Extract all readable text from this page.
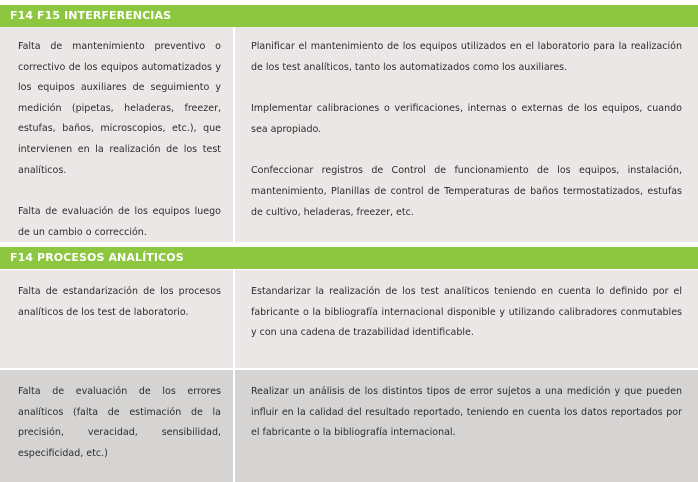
F14 F15 INTERFERENCIAS

Falta de mantenimiento preventivo o correctivo de los equipos automatizados y los equipos auxiliares de seguimiento y medición (pipetas, heladeras, freezer, estufas, baños, microscopios, etc.), que intervienen en la realización de los test analíticos.

Falta de evaluación de los equipos luego de un cambio o corrección.

Planificar el mantenimiento de los equipos utilizados en el laboratorio para la realización de los test analíticos, tanto los automatizados como los auxiliares.

Implementar calibraciones o verificaciones, internas o externas de los equipos, cuando sea apropiado.

Confeccionar registros de Control de funcionamiento de los equipos, instalación, mantenimiento, Planillas de control de Temperaturas de baños termostatizados, estufas de cultivo, heladeras, freezer, etc.

F14 PROCESOS ANALÍTICOS

Falta de estandarización de los procesos analíticos de los test de laboratorio.

Estandarizar la realización de los test analíticos teniendo en cuenta lo definido por el fabricante o la bibliografía internacional disponible y utilizando calibradores conmutables y con una cadena de trazabilidad identificable.

Falta de evaluación de los errores analíticos (falta de estimación de la precisión, veracidad, sensibilidad, especificidad, etc.)

Realizar un análisis de los distintos tipos de error sujetos a una medición y que pueden influir en la calidad del resultado reportado, teniendo en cuenta los datos reportados por el fabricante o la bibliografía internacional.
